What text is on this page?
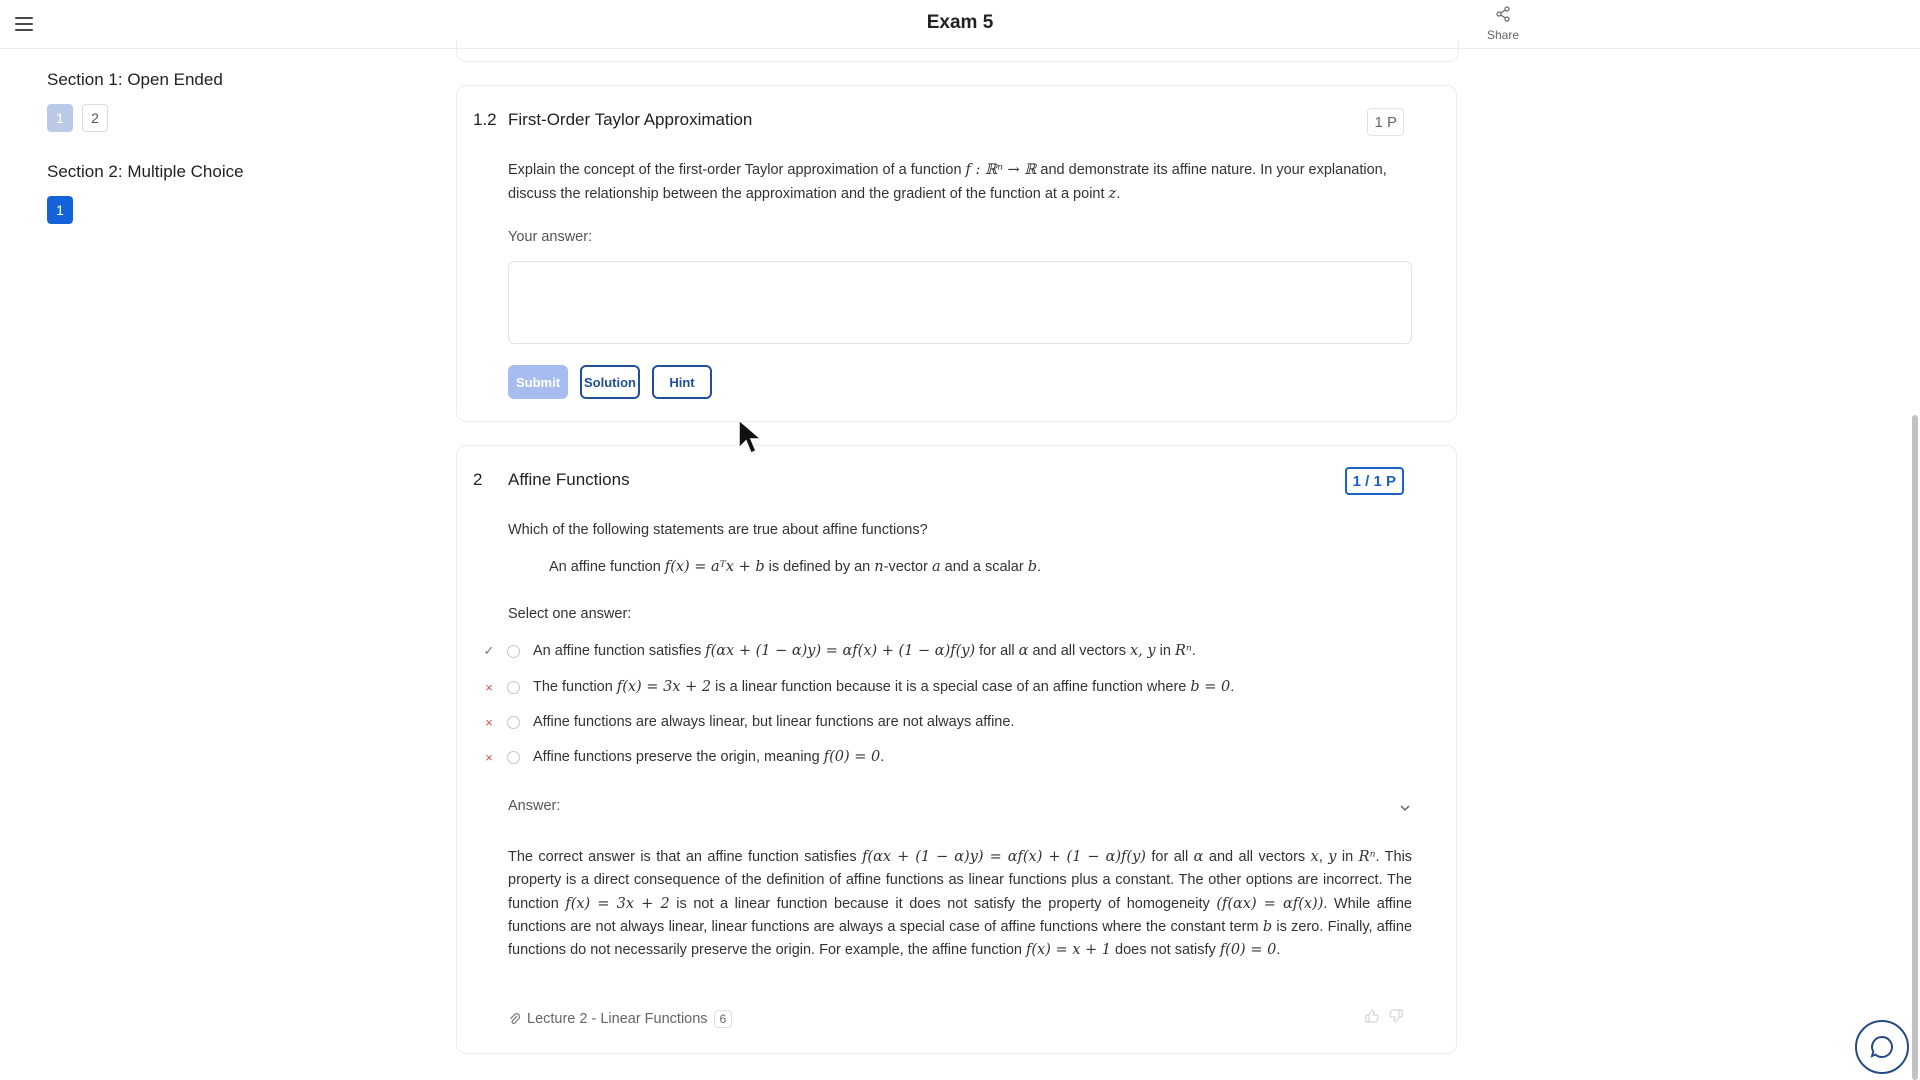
Exam 5
Share
Section 1: Open Ended
1	2
Section 2: Multiple Choice
1
1.2 First-Order Taylor Approximation	1 P
Explain the concept of the first-order Taylor approximation of a function f : ℝⁿ → ℝ and demonstrate its affine nature. In your explanation, discuss the relationship between the approximation and the gradient of the function at a point z.
Your answer:
Submit	Solution	Hint
2 Affine Functions	1 / 1 P
Which of the following statements are true about affine functions?
An affine function f(x) = aᵀx + b is defined by an n-vector a and a scalar b.
Select one answer:
✓	An affine function satisfies
f(αx + (1 − α)y) = αf(x) + (1 − α)f(y)
for all
α
and all vectors
x, y
in
Rⁿ .
×	The function
f(x) = 3x + 2
is a linear function because it is a special case of an affine function where
b = 0 .
×	Affine functions are always linear, but linear functions are not always affine.
×	Affine functions preserve the origin, meaning
f(0) = 0 .
Answer:
The correct answer is that an affine function satisfies f(αx + (1 − α)y) = αf(x) + (1 − α)f(y) for all α and all vectors x, y in Rⁿ. This property is a direct consequence of the definition of affine functions as linear functions plus a constant. The other options are incorrect. The function f(x) = 3x + 2 is not a linear function because it does not satisfy the property of homogeneity (f(αx) = αf(x)). While affine functions are not always linear, linear functions are always a special case of affine functions where the constant term b is zero. Finally, affine functions do not necessarily preserve the origin. For example, the affine function f(x) = x + 1 does not satisfy f(0) = 0.
Lecture 2 - Linear Functions	6
